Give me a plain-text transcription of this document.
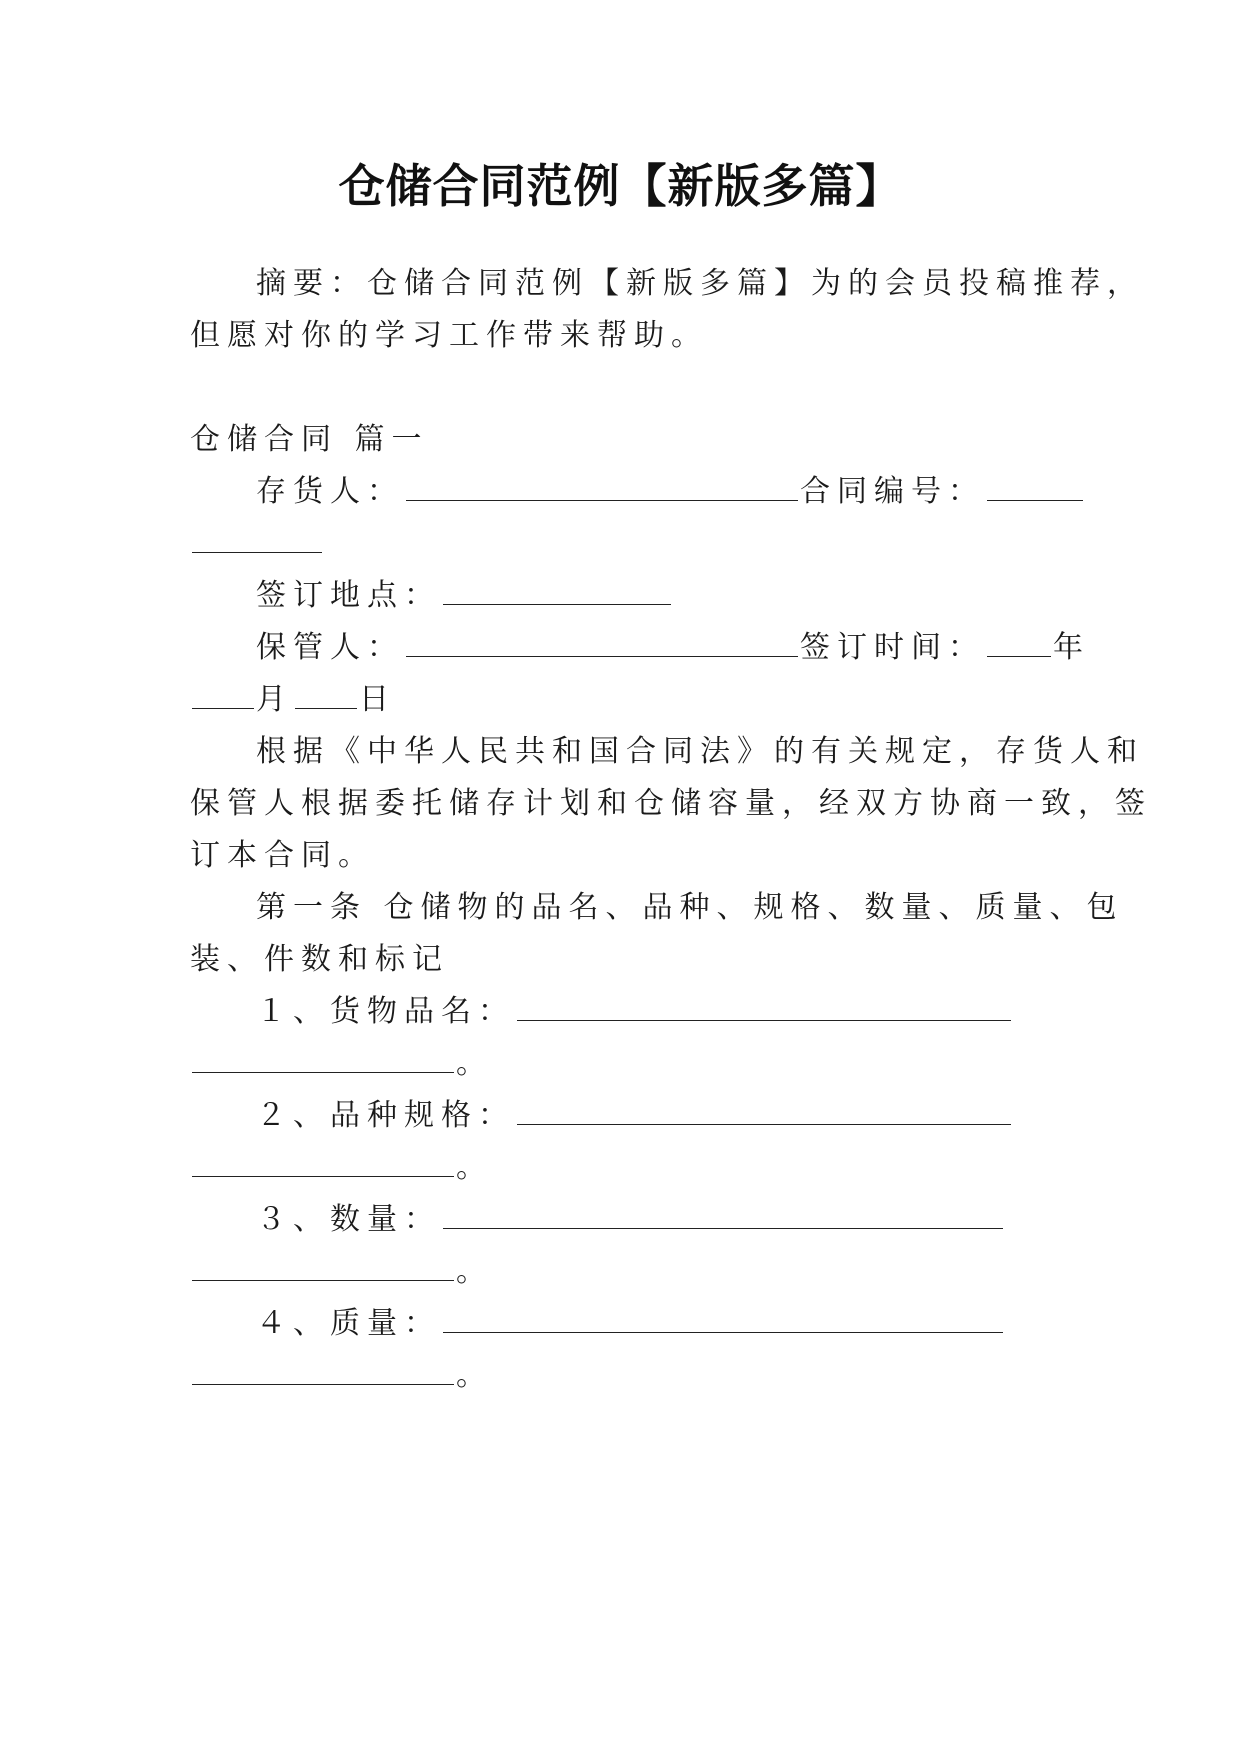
仓储合同范例【新版多篇】
摘要：仓储合同范例【新版多篇】为的会员投稿推荐，
但愿对你的学习工作带来帮助。
仓储合同 篇一
存货人：	合同编号：
签订地点：
保管人：	签订时间： 年
月 日
根据《中华人民共和国合同法》的有关规定，存货人和
保管人根据委托储存计划和仓储容量，经双方协商一致，签
订本合同。
第一条 仓储物的品名、品种、规格、数量、质量、包
装、件数和标记
１、货物品名：
。
２、品种规格：
。
３、数量：
。
４、质量：
。
